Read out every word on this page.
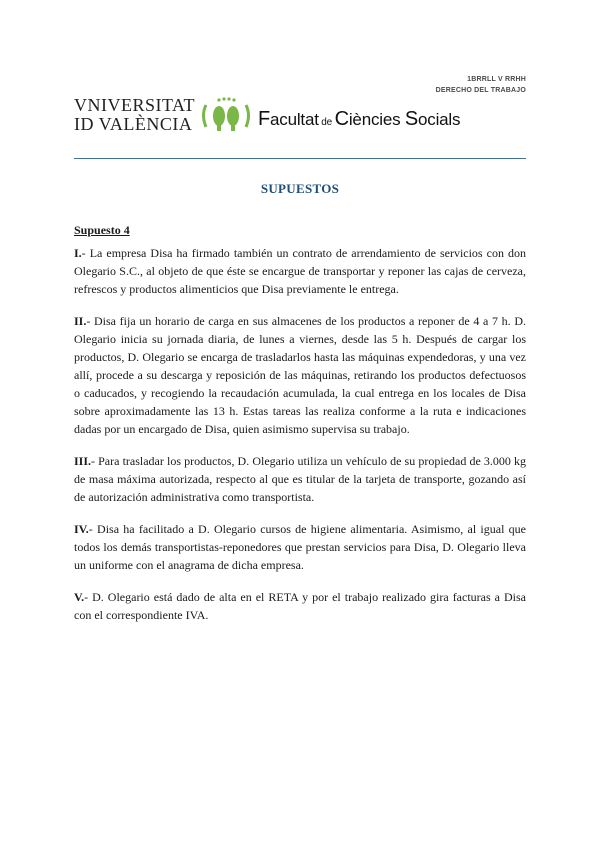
1BRRLL V RRHH
DERECHO DEL TRABAJO
VNIVERSITAT
ID VALÈNCIA	Facultat de Ciències Socials
SUPUESTOS
Supuesto 4

I.- La empresa Disa ha firmado también un contrato de arrendamiento de servicios con don Olegario S.C., al objeto de que éste se encargue de transportar y reponer las cajas de cerveza, refrescos y productos alimenticios que Disa previamente le entrega.

II.- Disa fija un horario de carga en sus almacenes de los productos a reponer de 4 a 7 h. D. Olegario inicia su jornada diaria, de lunes a viernes, desde las 5 h. Después de cargar los productos, D. Olegario se encarga de trasladarlos hasta las máquinas expendedoras, y una vez allí, procede a su descarga y reposición de las máquinas, retirando los productos defectuosos o caducados, y recogiendo la recaudación acumulada, la cual entrega en los locales de Disa sobre aproximadamente las 13 h. Estas tareas las realiza conforme a la ruta e indicaciones dadas por un encargado de Disa, quien asimismo supervisa su trabajo.

III.- Para trasladar los productos, D. Olegario utiliza un vehículo de su propiedad de 3.000 kg de masa máxima autorizada, respecto al que es titular de la tarjeta de transporte, gozando así de autorización administrativa como transportista.

IV.- Disa ha facilitado a D. Olegario cursos de higiene alimentaria. Asimismo, al igual que todos los demás transportistas-reponedores que prestan servicios para Disa, D. Olegario lleva un uniforme con el anagrama de dicha empresa.

V.- D. Olegario está dado de alta en el RETA y por el trabajo realizado gira facturas a Disa con el correspondiente IVA.
